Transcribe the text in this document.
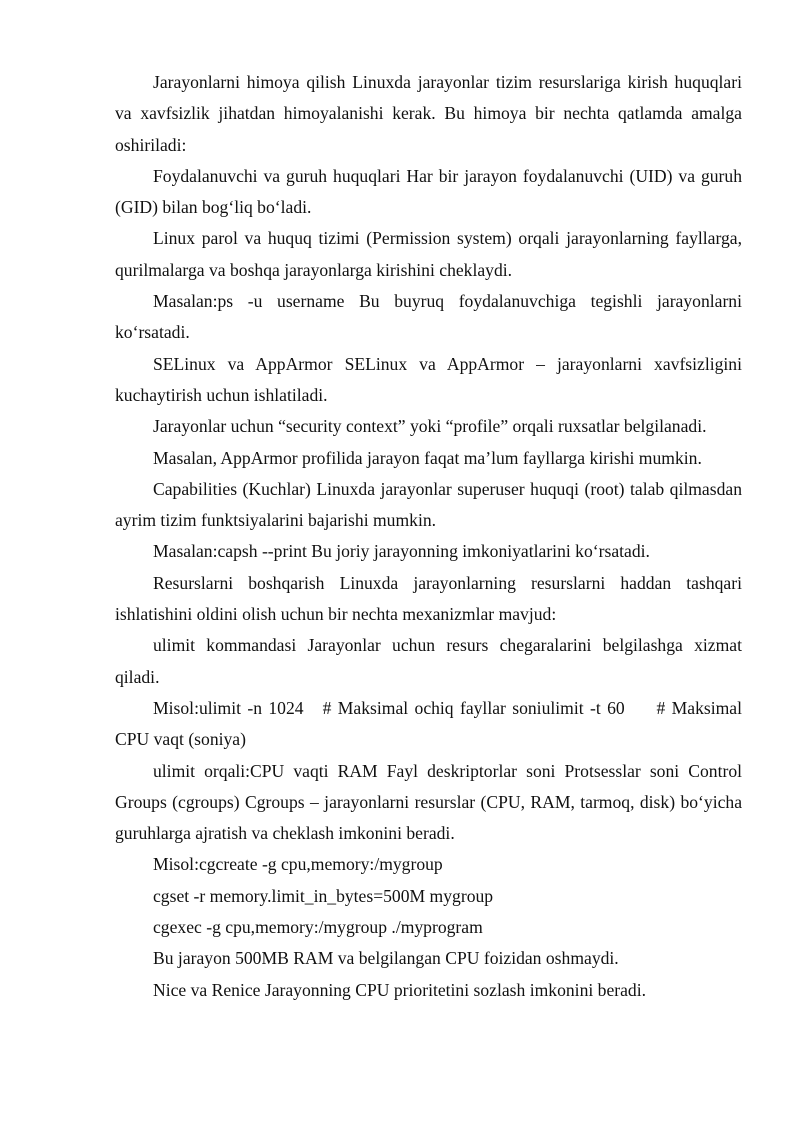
Jarayonlarni himoya qilish Linuxda jarayonlar tizim resurslariga kirish huquqlari va xavfsizlik jihatdan himoyalanishi kerak. Bu himoya bir nechta qatlamda amalga oshiriladi:

Foydalanuvchi va guruh huquqlari Har bir jarayon foydalanuvchi (UID) va guruh (GID) bilan bog‘liq bo‘ladi.

Linux parol va huquq tizimi (Permission system) orqali jarayonlarning fayllarga, qurilmalarga va boshqa jarayonlarga kirishini cheklaydi.

Masalan:ps -u username Bu buyruq foydalanuvchiga tegishli jarayonlarni ko‘rsatadi.

SELinux va AppArmor SELinux va AppArmor – jarayonlarni xavfsizligini kuchaytirish uchun ishlatiladi.

Jarayonlar uchun “security context” yoki “profile” orqali ruxsatlar belgilanadi.

Masalan, AppArmor profilida jarayon faqat ma’lum fayllarga kirishi mumkin.

Capabilities (Kuchlar) Linuxda jarayonlar superuser huquqi (root) talab qilmasdan ayrim tizim funktsiyalarini bajarishi mumkin.

Masalan:capsh --print Bu joriy jarayonning imkoniyatlarini ko‘rsatadi.

Resurslarni boshqarish Linuxda jarayonlarning resurslarni haddan tashqari ishlatishini oldini olish uchun bir nechta mexanizmlar mavjud:

ulimit kommandasi Jarayonlar uchun resurs chegaralarini belgilashga xizmat qiladi.

Misol:ulimit -n 1024   # Maksimal ochiq fayllar soniulimit -t 60     # Maksimal CPU vaqt (soniya)

ulimit orqali:CPU vaqti RAM Fayl deskriptorlar soni Protsesslar soni Control Groups (cgroups) Cgroups – jarayonlarni resurslar (CPU, RAM, tarmoq, disk) bo‘yicha guruhlarga ajratish va cheklash imkonini beradi.

Misol:cgcreate -g cpu,memory:/mygroup

cgset -r memory.limit_in_bytes=500M mygroup

cgexec -g cpu,memory:/mygroup ./myprogram

Bu jarayon 500MB RAM va belgilangan CPU foizidan oshmaydi.

Nice va Renice Jarayonning CPU prioritetini sozlash imkonini beradi.
